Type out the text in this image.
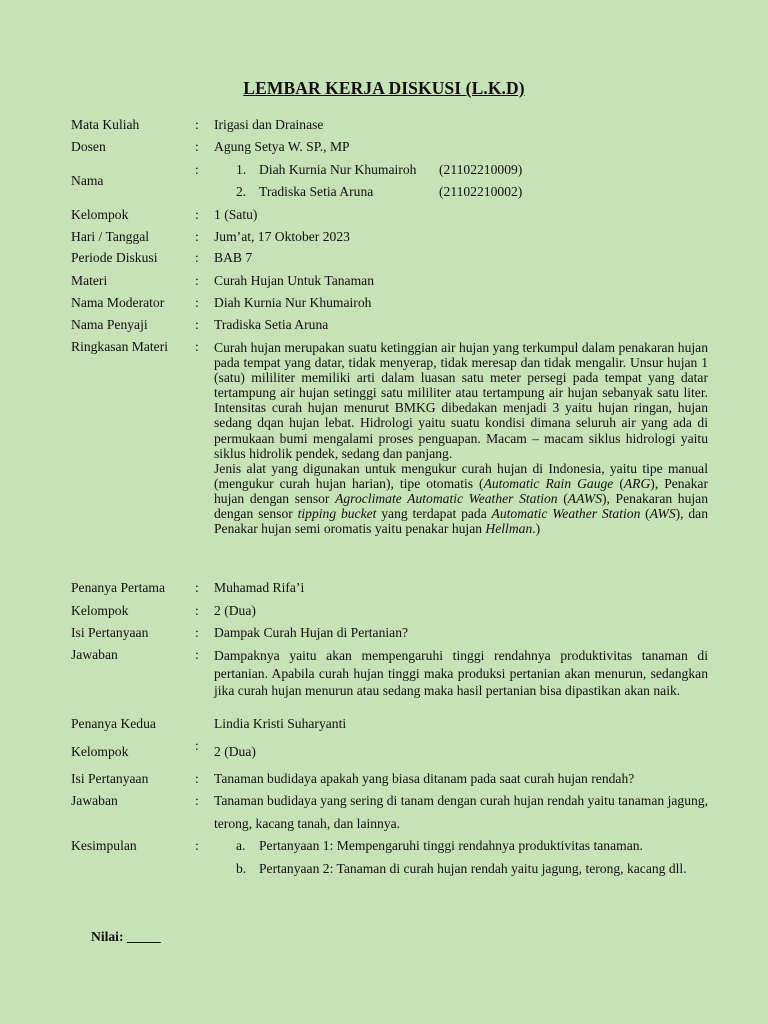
LEMBAR KERJA DISKUSI (L.K.D)
Mata Kuliah	: Irigasi dan Drainase
Dosen	: Agung Setya W. SP., MP
Nama
:	1. Diah Kurnia Nur Khumairoh (21102210009)
2. Tradiska Setia Aruna	(21102210002)
Kelompok	: 1 (Satu)
Hari / Tanggal	: Jum’at, 17 Oktober 2023
Periode Diskusi	: BAB 7
Materi	: Curah Hujan Untuk Tanaman
Nama Moderator : Diah Kurnia Nur Khumairoh
Nama Penyaji	: Tradiska Setia Aruna
Ringkasan Materi : Curah hujan merupakan suatu ketinggian air hujan yang terkumpul dalam penakaran hujan pada tempat yang datar, tidak menyerap, tidak meresap dan tidak mengalir. Unsur hujan 1 (satu) mililiter memiliki arti dalam luasan satu meter persegi pada tempat yang datar tertampung air hujan setinggi satu mililiter atau tertampung air hujan sebanyak satu liter. Intensitas curah hujan menurut BMKG dibedakan menjadi 3 yaitu hujan ringan, hujan sedang dqan hujan lebat. Hidrologi yaitu suatu kondisi dimana seluruh air yang ada di permukaan bumi mengalami proses penguapan. Macam – macam siklus hidrologi yaitu siklus hidrolik pendek, sedang dan panjang.

Jenis alat yang digunakan untuk mengukur curah hujan di Indonesia, yaitu tipe manual (mengukur curah hujan harian), tipe otomatis (Automatic Rain Gauge (ARG), Penakar hujan dengan sensor Agroclimate Automatic Weather Station (AAWS), Penakaran hujan dengan sensor tipping bucket yang terdapat pada Automatic Weather Station (AWS), dan Penakar hujan semi oromatis yaitu penakar hujan Hellman.)

Penanya Pertama : Muhamad Rifa’i
Kelompok	: 2 (Dua)
Isi Pertanyaan	: Dampak Curah Hujan di Pertanian?
Jawaban	: Dampaknya yaitu akan mempengaruhi tinggi rendahnya produktivitas tanaman di pertanian. Apabila curah hujan tinggi maka produksi pertanian akan menurun, sedangkan jika curah hujan menurun atau sedang maka hasil pertanian bisa dipastikan akan naik.
Penanya Kedua	Lindia Kristi Suharyanti
:
Kelompok	2 (Dua)
Isi Pertanyaan	: Tanaman budidaya apakah yang biasa ditanam pada saat curah hujan rendah?
Jawaban	: Tanaman budidaya yang sering di tanam dengan curah hujan rendah yaitu tanaman jagung, terong, kacang tanah, dan lainnya.
Kesimpulan	:	a. Pertanyaan 1: Mempengaruhi tinggi rendahnya produktivitas tanaman.
b. Pertanyaan 2: Tanaman di curah hujan rendah yaitu jagung, terong, kacang dll.
Nilai: _____
